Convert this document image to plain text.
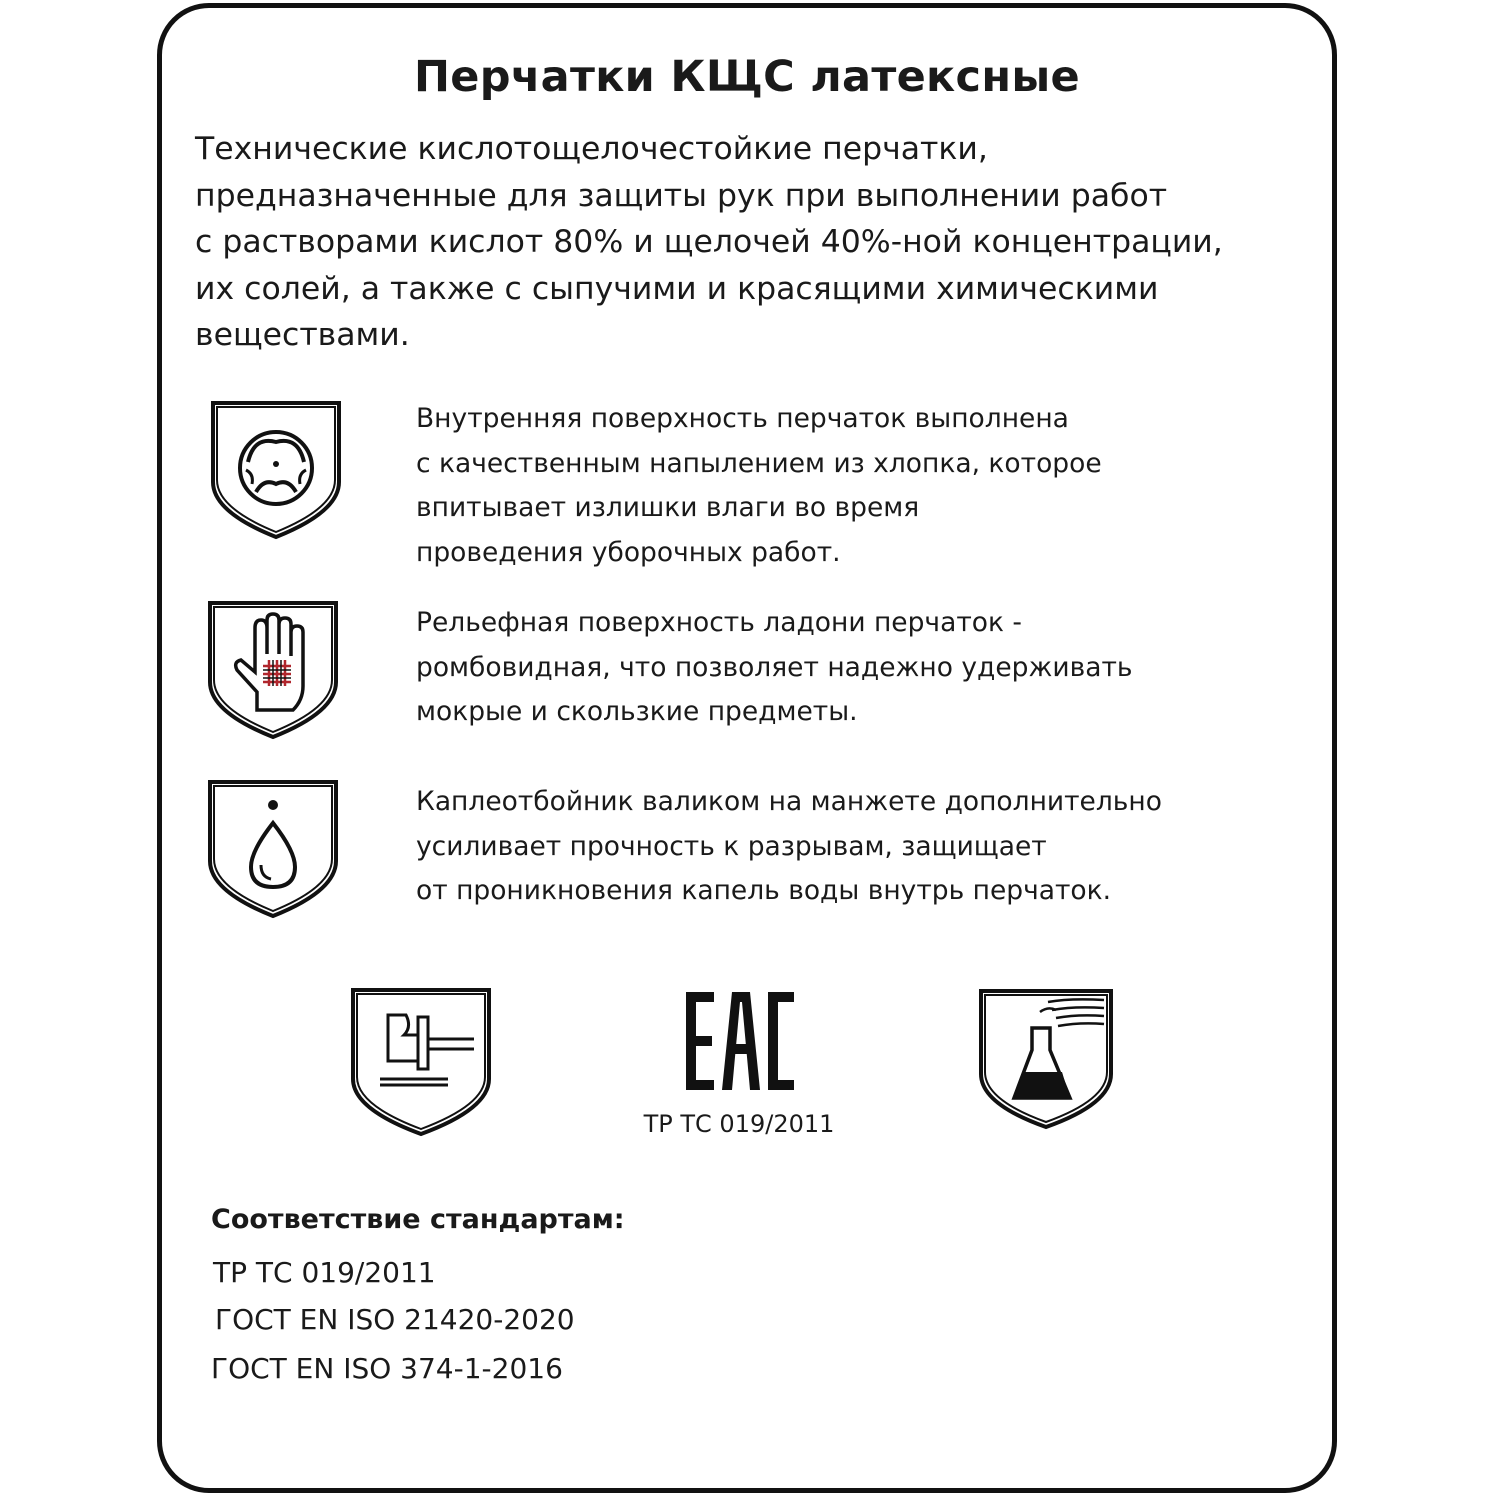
Перчатки КЩС латексные
Технические кислотощелочестойкие перчатки,
предназначенные для защиты рук при выполнении работ
с растворами кислот 80% и щелочей 40%-ной концентрации,
их солей, а также с сыпучими и красящими химическими
веществами.
Внутренняя поверхность перчаток выполнена
с качественным напылением из хлопка, которое
впитывает излишки влаги во время
проведения уборочных работ.
Рельефная поверхность ладони перчаток -
ромбовидная, что позволяет надежно удерживать
мокрые и скользкие предметы.
Каплеотбойник валиком на манжете дополнительно
усиливает прочность к разрывам, защищает
от проникновения капель воды внутрь перчаток.
ТР ТС 019/2011
Соответствие стандартам:
ТР ТС 019/2011
ГОСТ EN ISO 21420-2020
ГОСТ EN ISO 374-1-2016
